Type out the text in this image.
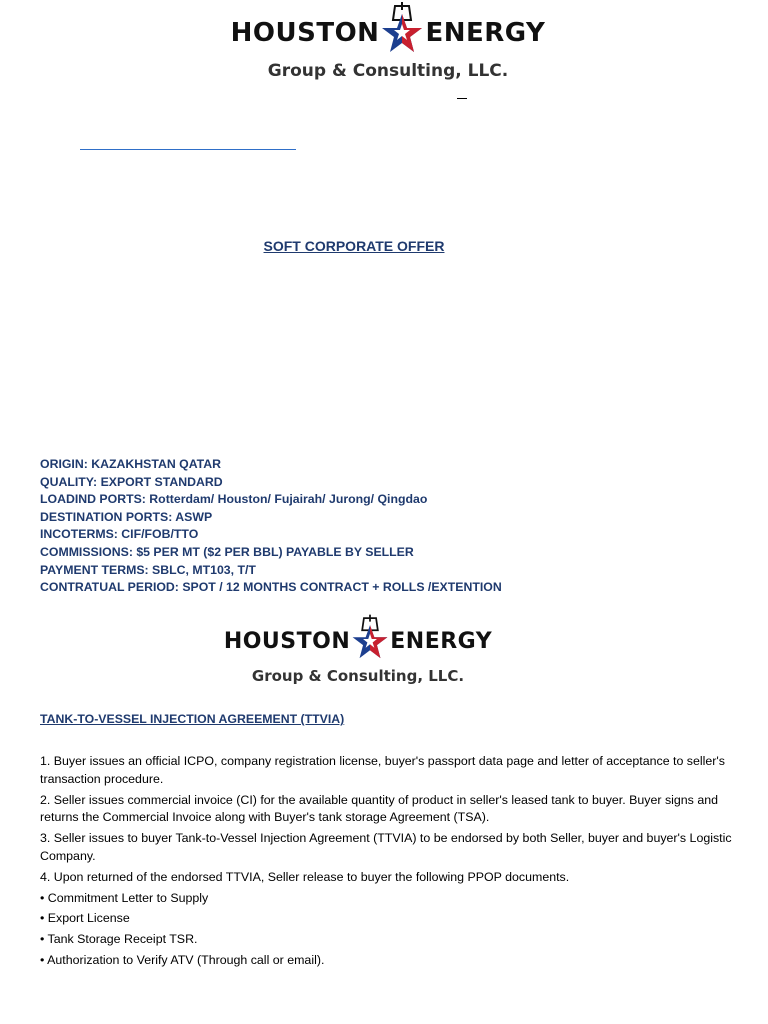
HOUSTON ENERGY
Group & Consulting, LLC.
SOFT CORPORATE OFFER
ORIGIN: KAZAKHSTAN QATAR
QUALITY: EXPORT STANDARD
LOADIND PORTS: Rotterdam/ Houston/ Fujairah/ Jurong/ Qingdao
DESTINATION PORTS: ASWP
INCOTERMS: CIF/FOB/TTO
COMMISSIONS: $5 PER MT ($2 PER BBL) PAYABLE BY SELLER
PAYMENT TERMS: SBLC, MT103, T/T
CONTRATUAL PERIOD: SPOT / 12 MONTHS CONTRACT + ROLLS /EXTENTION
HOUSTON ENERGY
Group & Consulting, LLC.
TANK-TO-VESSEL INJECTION AGREEMENT (TTVIA)
1. Buyer issues an official ICPO, company registration license, buyer's passport data page and letter of acceptance to seller's transaction procedure.
2. Seller issues commercial invoice (CI) for the available quantity of product in seller's leased tank to buyer. Buyer signs and returns the Commercial Invoice along with Buyer's tank storage Agreement (TSA).
3. Seller issues to buyer Tank-to-Vessel Injection Agreement (TTVIA) to be endorsed by both Seller, buyer and buyer's Logistic Company.
4. Upon returned of the endorsed TTVIA, Seller release to buyer the following PPOP documents.
• Commitment Letter to Supply
• Export License
• Tank Storage Receipt TSR.
• Authorization to Verify ATV (Through call or email).
